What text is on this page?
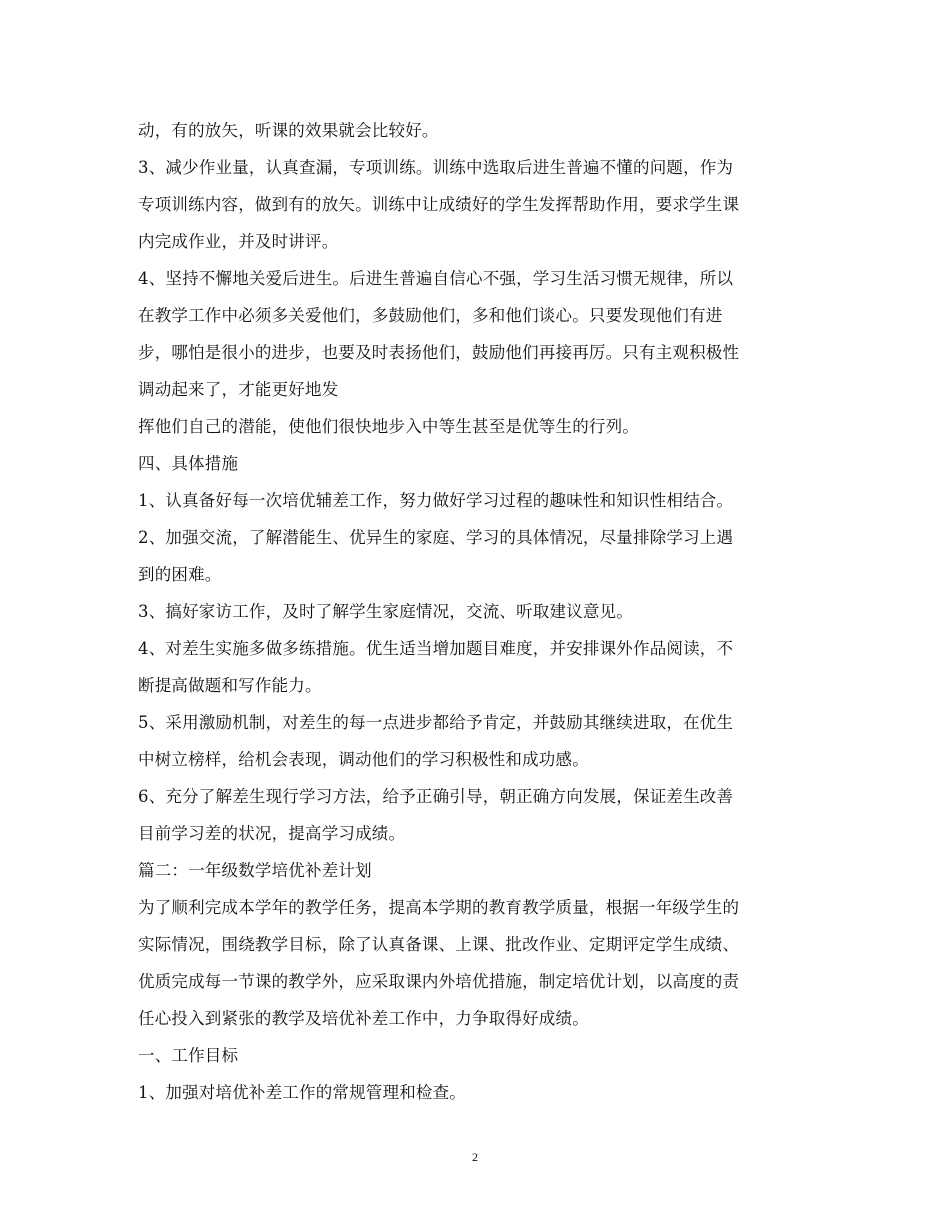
动，有的放矢，听课的效果就会比较好。
3、减少作业量，认真查漏，专项训练。训练中选取后进生普遍不懂的问题，作为
专项训练内容，做到有的放矢。训练中让成绩好的学生发挥帮助作用，要求学生课
内完成作业，并及时讲评。
4、坚持不懈地关爱后进生。后进生普遍自信心不强，学习生活习惯无规律，所以
在教学工作中必须多关爱他们，多鼓励他们，多和他们谈心。只要发现他们有进
步，哪怕是很小的进步，也要及时表扬他们，鼓励他们再接再厉。只有主观积极性
调动起来了，才能更好地发
挥他们自己的潜能，使他们很快地步入中等生甚至是优等生的行列。
四、具体措施
1、认真备好每一次培优辅差工作，努力做好学习过程的趣味性和知识性相结合。
2、加强交流，了解潜能生、优异生的家庭、学习的具体情况，尽量排除学习上遇
到的困难。
3、搞好家访工作，及时了解学生家庭情况，交流、听取建议意见。
4、对差生实施多做多练措施。优生适当增加题目难度，并安排课外作品阅读，不
断提高做题和写作能力。
5、采用激励机制，对差生的每一点进步都给予肯定，并鼓励其继续进取，在优生
中树立榜样，给机会表现，调动他们的学习积极性和成功感。
6、充分了解差生现行学习方法，给予正确引导，朝正确方向发展，保证差生改善
目前学习差的状况，提高学习成绩。
篇二：一年级数学培优补差计划
为了顺利完成本学年的教学任务，提高本学期的教育教学质量，根据一年级学生的
实际情况，围绕教学目标，除了认真备课、上课、批改作业、定期评定学生成绩、
优质完成每一节课的教学外，应采取课内外培优措施，制定培优计划，以高度的责
任心投入到紧张的教学及培优补差工作中，力争取得好成绩。
一、工作目标
1、加强对培优补差工作的常规管理和检查。
2
